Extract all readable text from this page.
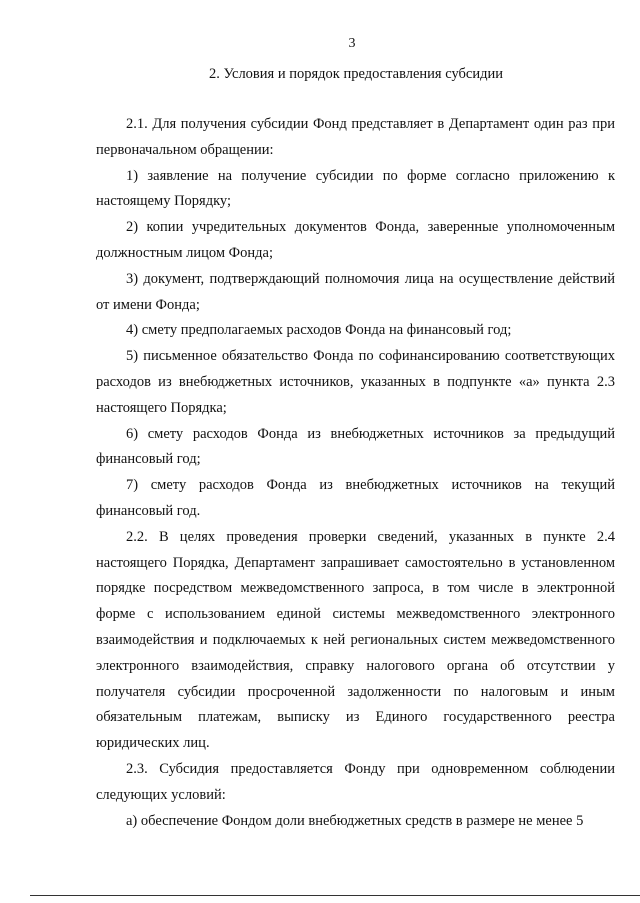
3
2. Условия и порядок предоставления субсидии

2.1. Для получения субсидии Фонд представляет в Департамент один раз при первоначальном обращении:

1) заявление на получение субсидии по форме согласно приложению к настоящему Порядку;

2) копии учредительных документов Фонда, заверенные уполномоченным должностным лицом Фонда;

3) документ, подтверждающий полномочия лица на осуществление действий от имени Фонда;

4) смету предполагаемых расходов Фонда на финансовый год;

5) письменное обязательство Фонда по софинансированию соответствующих расходов из внебюджетных источников, указанных в подпункте «а» пункта 2.3 настоящего Порядка;

6) смету расходов Фонда из внебюджетных источников за предыдущий финансовый год;

7) смету расходов Фонда из внебюджетных источников на текущий финансовый год.

2.2. В целях проведения проверки сведений, указанных в пункте 2.4 настоящего Порядка, Департамент запрашивает самостоятельно в установленном порядке посредством межведомственного запроса, в том числе в электронной форме с использованием единой системы межведомственного электронного взаимодействия и подключаемых к ней региональных систем межведомственного электронного взаимодействия, справку налогового органа об отсутствии у получателя субсидии просроченной задолженности по налоговым и иным обязательным платежам, выписку из Единого государственного реестра юридических лиц.

2.3. Субсидия предоставляется Фонду при одновременном соблюдении следующих условий:

а) обеспечение Фондом доли внебюджетных средств в размере не менее 5
